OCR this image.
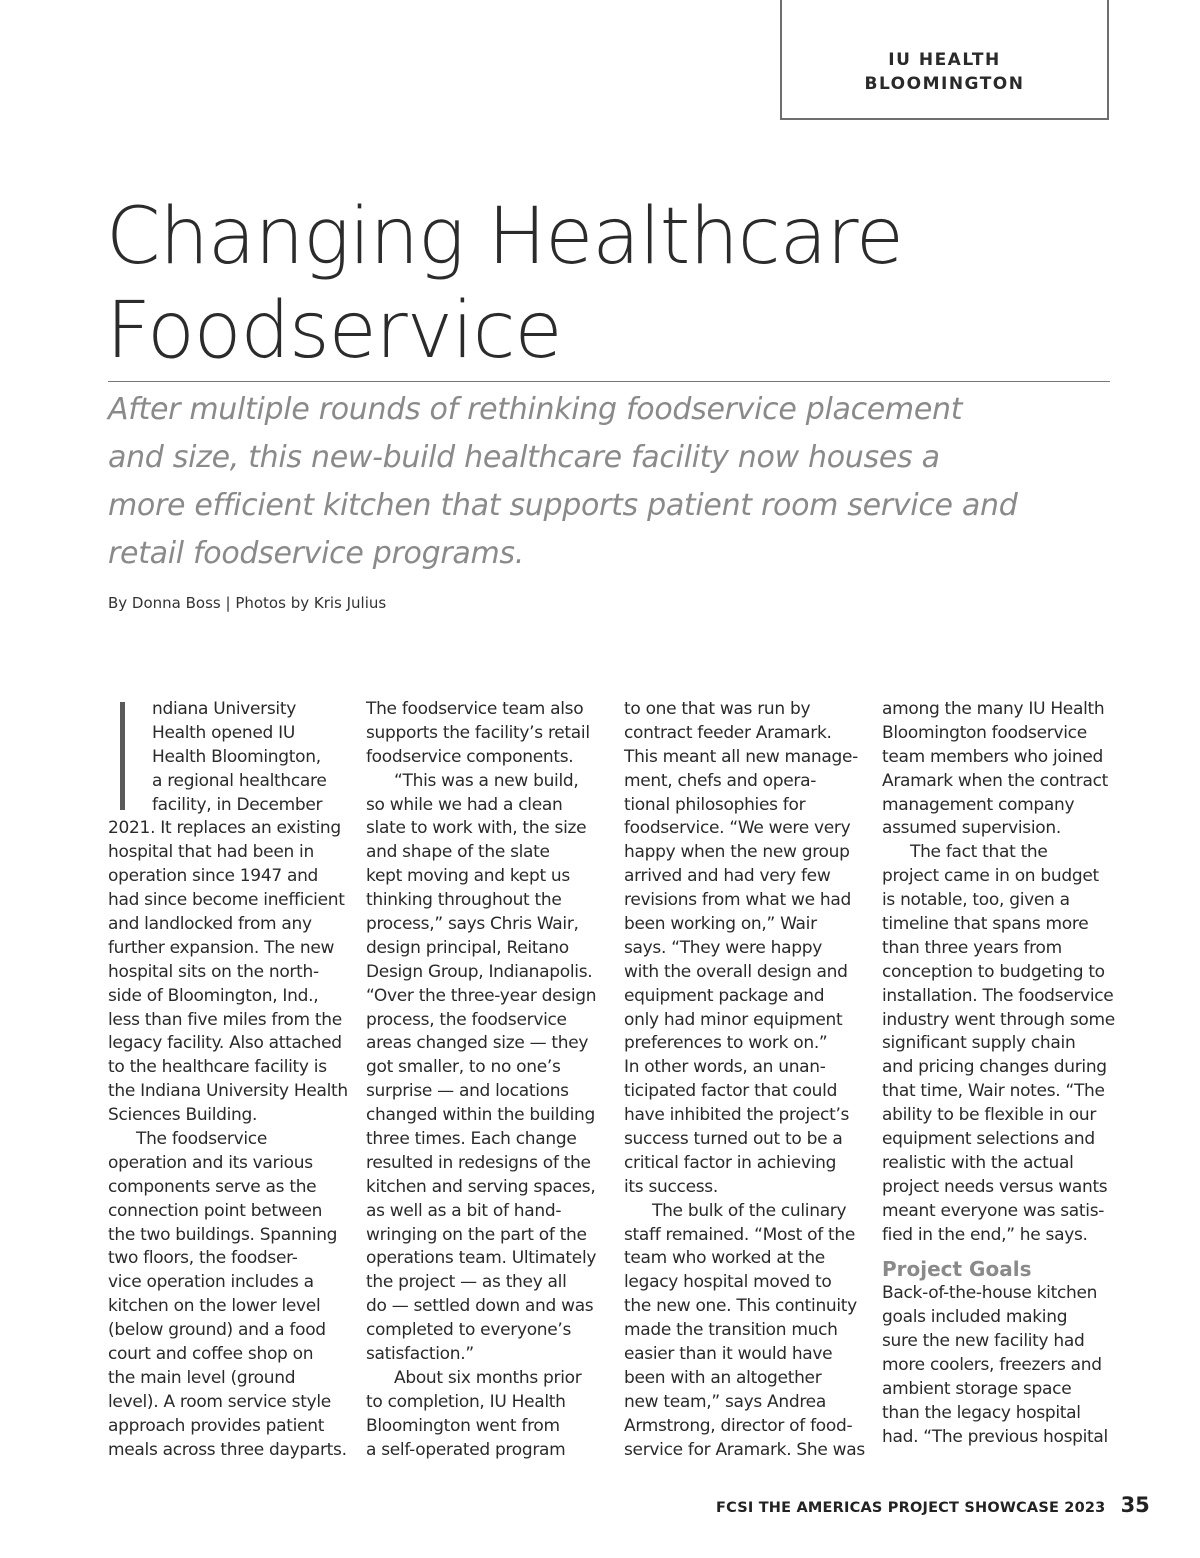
IU HEALTH
BLOOMINGTON
Changing Healthcare
Foodservice
After multiple rounds of rethinking foodservice placement
and size, this new-build healthcare facility now houses a
more efficient kitchen that supports patient room service and
retail foodservice programs.
By Donna Boss | Photos by Kris Julius
ndiana University
Health opened IU
Health Bloomington,
a regional healthcare
facility, in December
2021. It replaces an existing
hospital that had been in
operation since 1947 and
had since become inefficient
and landlocked from any
further expansion. The new
hospital sits on the north-
side of Bloomington, Ind.,
less than five miles from the
legacy facility. Also attached
to the healthcare facility is
the Indiana University Health
Sciences Building.
The foodservice
operation and its various
components serve as the
connection point between
the two buildings. Spanning
two floors, the foodser-
vice operation includes a
kitchen on the lower level
(below ground) and a food
court and coffee shop on
the main level (ground
level). A room service style
approach provides patient
meals across three dayparts.
The foodservice team also
supports the facility’s retail
foodservice components.
“This was a new build,
so while we had a clean
slate to work with, the size
and shape of the slate
kept moving and kept us
thinking throughout the
process,” says Chris Wair,
design principal, Reitano
Design Group, Indianapolis.
“Over the three-year design
process, the foodservice
areas changed size — they
got smaller, to no one’s
surprise — and locations
changed within the building
three times. Each change
resulted in redesigns of the
kitchen and serving spaces,
as well as a bit of hand-
wringing on the part of the
operations team. Ultimately
the project — as they all
do — settled down and was
completed to everyone’s
satisfaction.”
About six months prior
to completion, IU Health
Bloomington went from
a self-operated program
to one that was run by
contract feeder Aramark.
This meant all new manage-
ment, chefs and opera-
tional philosophies for
foodservice. “We were very
happy when the new group
arrived and had very few
revisions from what we had
been working on,” Wair
says. “They were happy
with the overall design and
equipment package and
only had minor equipment
preferences to work on.”
In other words, an unan-
ticipated factor that could
have inhibited the project’s
success turned out to be a
critical factor in achieving
its success.
The bulk of the culinary
staff remained. “Most of the
team who worked at the
legacy hospital moved to
the new one. This continuity
made the transition much
easier than it would have
been with an altogether
new team,” says Andrea
Armstrong, director of food-
service for Aramark. She was
among the many IU Health
Bloomington foodservice
team members who joined
Aramark when the contract
management company
assumed supervision.
The fact that the
project came in on budget
is notable, too, given a
timeline that spans more
than three years from
conception to budgeting to
installation. The foodservice
industry went through some
significant supply chain
and pricing changes during
that time, Wair notes. “The
ability to be flexible in our
equipment selections and
realistic with the actual
project needs versus wants
meant everyone was satis-
fied in the end,” he says.
Project Goals
Back-of-the-house kitchen
goals included making
sure the new facility had
more coolers, freezers and
ambient storage space
than the legacy hospital
had. “The previous hospital
FCSI THE AMERICAS PROJECT SHOWCASE 2023 35
